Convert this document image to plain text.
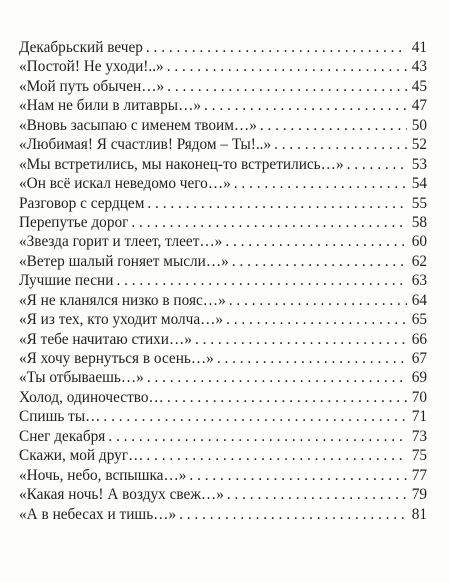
Декабрьский вечер . . .	41
«Постой! Не уходи!..» . . .	43
«Мой путь обычен…» . . .	45
«Нам не били в литавры…» . . .	47
«Вновь засыпаю с именем твоим…» . . .	50
«Любимая! Я счастлив! Рядом – Ты!..» . . .	52
«Мы встретились, мы наконец-то встретились…» . . .	53
«Он всё искал неведомо чего…» . . .	54
Разговор с сердцем . . .	55
Перепутье дорог . . .	58
«Звезда горит и тлеет, тлеет…» . . .	60
«Ветер шалый гоняет мысли…» . . .	62
Лучшие песни . . .	63
«Я не кланялся низко в пояс…» . . .	64
«Я из тех, кто уходит молча…» . . .	65
«Я тебе начитаю стихи…» . . .	66
«Я хочу вернуться в осень…» . . .	67
«Ты отбываешь…» . . .	69
Холод, одиночество… . . .	70
Спишь ты… . . .	71
Снег декабря . . .	73
Скажи, мой друг… . . .	75
«Ночь, небо, вспышка…» . . .	77
«Какая ночь! А воздух свеж…» . . .	79
«А в небесах и тишь…» . . .	81
